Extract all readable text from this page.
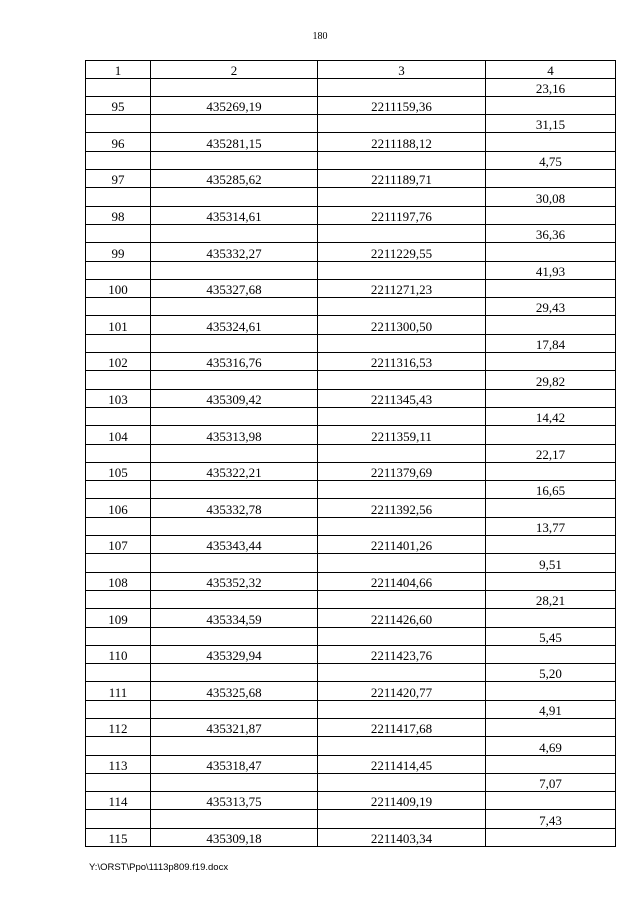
180
1	2	3	4
			23,16
95	435269,19	2211159,36	
			31,15
96	435281,15	2211188,12	
			4,75
97	435285,62	2211189,71	
			30,08
98	435314,61	2211197,76	
			36,36
99	435332,27	2211229,55	
			41,93
100	435327,68	2211271,23	
			29,43
101	435324,61	2211300,50	
			17,84
102	435316,76	2211316,53	
			29,82
103	435309,42	2211345,43	
			14,42
104	435313,98	2211359,11	
			22,17
105	435322,21	2211379,69	
			16,65
106	435332,78	2211392,56	
			13,77
107	435343,44	2211401,26	
			9,51
108	435352,32	2211404,66	
			28,21
109	435334,59	2211426,60	
			5,45
110	435329,94	2211423,76	
			5,20
111	435325,68	2211420,77	
			4,91
112	435321,87	2211417,68	
			4,69
113	435318,47	2211414,45	
			7,07
114	435313,75	2211409,19	
			7,43
115	435309,18	2211403,34	
Y:\ORST\Ppo\1113p809.f19.docx
